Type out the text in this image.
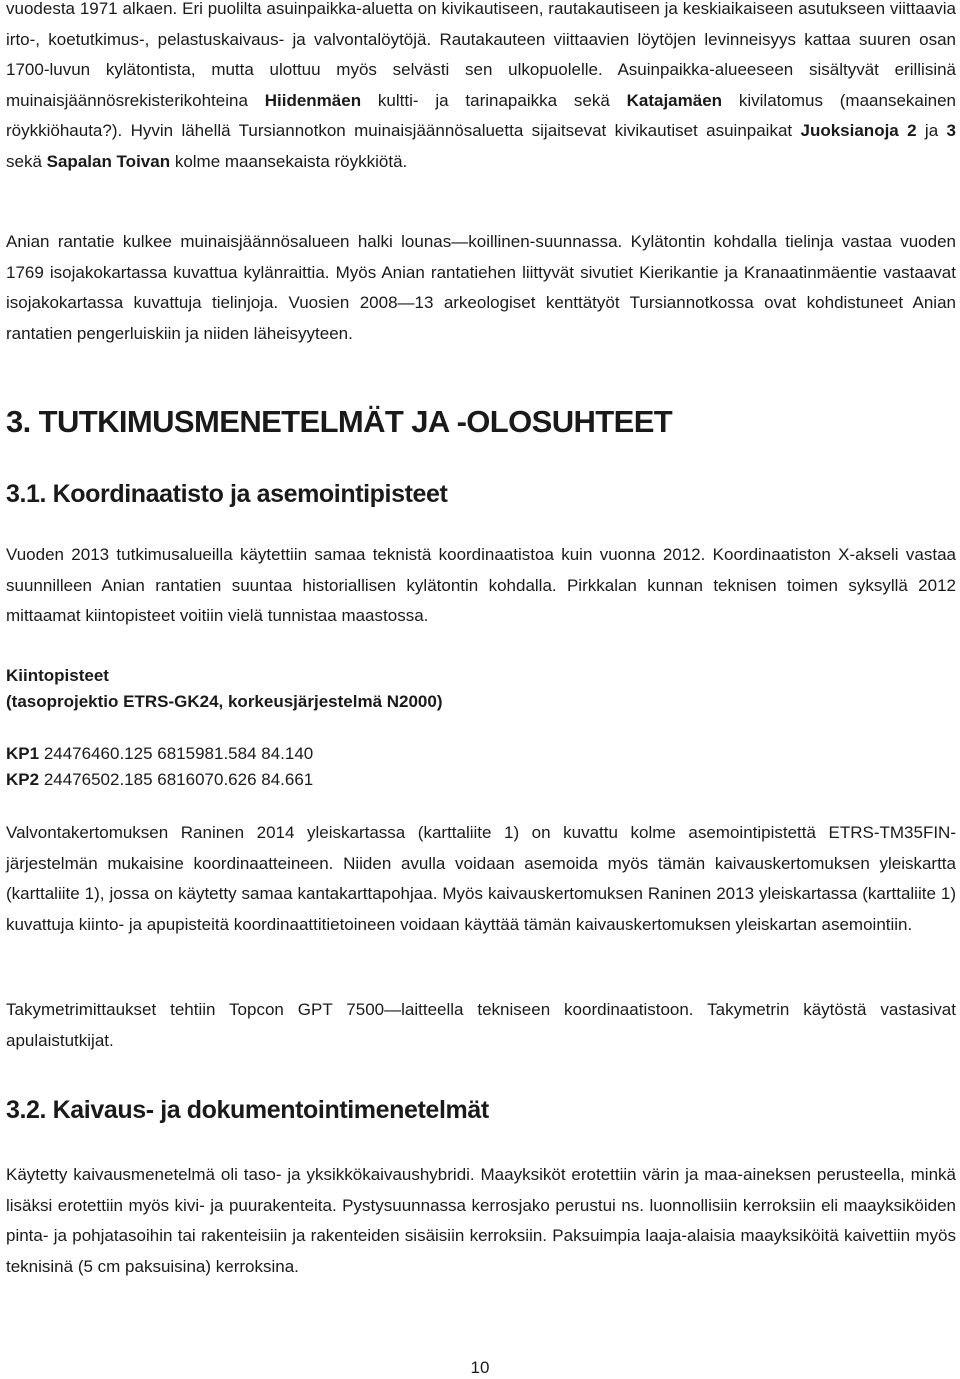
vuodesta 1971 alkaen. Eri puolilta asuinpaikka-aluetta on kivikautiseen, rautakautiseen ja keskiaikaiseen asutukseen viittaavia irto-, koetutkimus-, pelastuskaivaus- ja valvontalöytöjä. Rautakauteen viittaavien löytöjen levinneisyys kattaa suuren osan 1700-luvun kylätontista, mutta ulottuu myös selvästi sen ulkopuolelle. Asuinpaikka-alueeseen sisältyvät erillisinä muinaisjäännösrekisterikohteina Hiidenmäen kultti- ja tarinapaikka sekä Katajamäen kivilatomus (maansekainen röykkiöhauta?). Hyvin lähellä Tursiannotkon muinaisjäännösaluetta sijaitsevat kivikautiset asuinpaikat Juoksianoja 2 ja 3 sekä Sapalan Toivan kolme maansekaista röykkiötä.

Anian rantatie kulkee muinaisjäännösalueen halki lounas—koillinen-suunnassa. Kylätontin kohdalla tielinja vastaa vuoden 1769 isojakokartassa kuvattua kylänraittia. Myös Anian rantatiehen liittyvät sivutiet Kierikantie ja Kranaatinmäentie vastaavat isojakokartassa kuvattuja tielinjoja. Vuosien 2008—13 arkeologiset kenttätyöt Tursiannotkossa ovat kohdistuneet Anian rantatien pengerluiskiin ja niiden läheisyyteen.

3. TUTKIMUSMENETELMÄT JA -OLOSUHTEET
3.1. Koordinaatisto ja asemointipisteet

Vuoden 2013 tutkimusalueilla käytettiin samaa teknistä koordinaatistoa kuin vuonna 2012. Koordinaatiston X-akseli vastaa suunnilleen Anian rantatien suuntaa historiallisen kylätontin kohdalla. Pirkkalan kunnan teknisen toimen syksyllä 2012 mittaamat kiintopisteet voitiin vielä tunnistaa maastossa.

Kiintopisteet

(tasoprojektio ETRS-GK24, korkeusjärjestelmä N2000)

KP1 24476460.125 6815981.584 84.140

KP2 24476502.185 6816070.626 84.661

Valvontakertomuksen Raninen 2014 yleiskartassa (karttaliite 1) on kuvattu kolme asemointipistettä ETRS-TM35FIN-järjestelmän mukaisine koordinaatteineen. Niiden avulla voidaan asemoida myös tämän kaivauskertomuksen yleiskartta (karttaliite 1), jossa on käytetty samaa kantakarttapohjaa. Myös kaivauskertomuksen Raninen 2013 yleiskartassa (karttaliite 1) kuvattuja kiinto- ja apupisteitä koordinaattitietoineen voidaan käyttää tämän kaivauskertomuksen yleiskartan asemointiin.

Takymetrimittaukset tehtiin Topcon GPT 7500—laitteella tekniseen koordinaatistoon. Takymetrin käytöstä vastasivat apulaistutkijat.

3.2. Kaivaus- ja dokumentointimenetelmät

Käytetty kaivausmenetelmä oli taso- ja yksikkökaivaushybridi. Maayksiköt erotettiin värin ja maa-aineksen perusteella, minkä lisäksi erotettiin myös kivi- ja puurakenteita. Pystysuunnassa kerrosjako perustui ns. luonnollisiin kerroksiin eli maayksiköiden pinta- ja pohjatasoihin tai rakenteisiin ja rakenteiden sisäisiin kerroksiin. Paksuimpia laaja-alaisia maayksiköitä kaivettiin myös teknisinä (5 cm paksuisina) kerroksina.

10
